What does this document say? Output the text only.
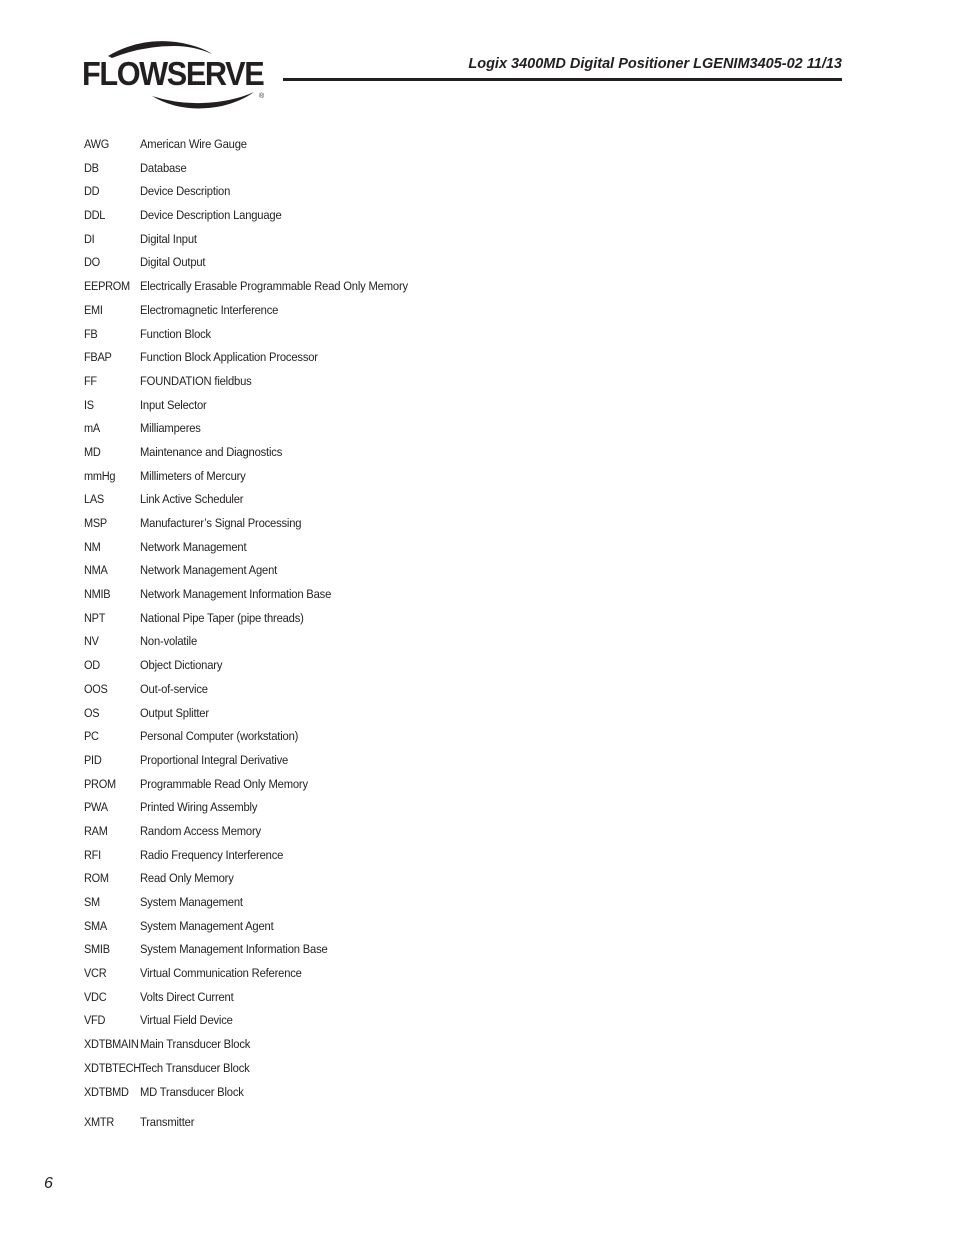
FLOWSERVE
®
Logix 3400MD Digital Positioner LGENIM3405-02 11/13
AWG	American Wire Gauge
DB	Database
DD	Device Description
DDL	Device Description Language
DI	Digital Input
DO	Digital Output
EEPROM Electrically Erasable Programmable Read Only Memory
EMI	Electromagnetic Interference
FB	Function Block
FBAP	Function Block Application Processor
FF	FOUNDATION fieldbus
IS	Input Selector
mA	Milliamperes
MD	Maintenance and Diagnostics
mmHg	Millimeters of Mercury
LAS	Link Active Scheduler
MSP	Manufacturer’s Signal Processing
NM	Network Management
NMA	Network Management Agent
NMIB	Network Management Information Base
NPT	National Pipe Taper (pipe threads)
NV	Non-volatile
OD	Object Dictionary
OOS	Out-of-service
OS	Output Splitter
PC	Personal Computer (workstation)
PID	Proportional Integral Derivative
PROM	Programmable Read Only Memory
PWA	Printed Wiring Assembly
RAM	Random Access Memory
RFI	Radio Frequency Interference
ROM	Read Only Memory
SM	System Management
SMA	System Management Agent
SMIB	System Management Information Base
VCR	Virtual Communication Reference
VDC	Volts Direct Current
VFD	Virtual Field Device
XDTBMAIN Main Transducer Block
XDTBTECH Tech Transducer Block
XDTBMD MD Transducer Block
XMTR	Transmitter
6
